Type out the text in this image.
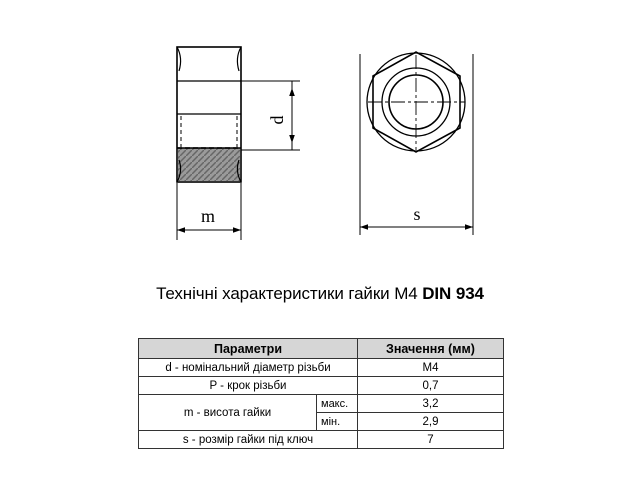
d
m	s
Технічні характеристики гайки М4 DIN 934
Параметри		Значення (мм)
d - номінальний діаметр різьби		М4
P - крок різьби		0,7
m - висота гайки	макс.	3,2
	мін.	2,9
s - розмір гайки під ключ		7
